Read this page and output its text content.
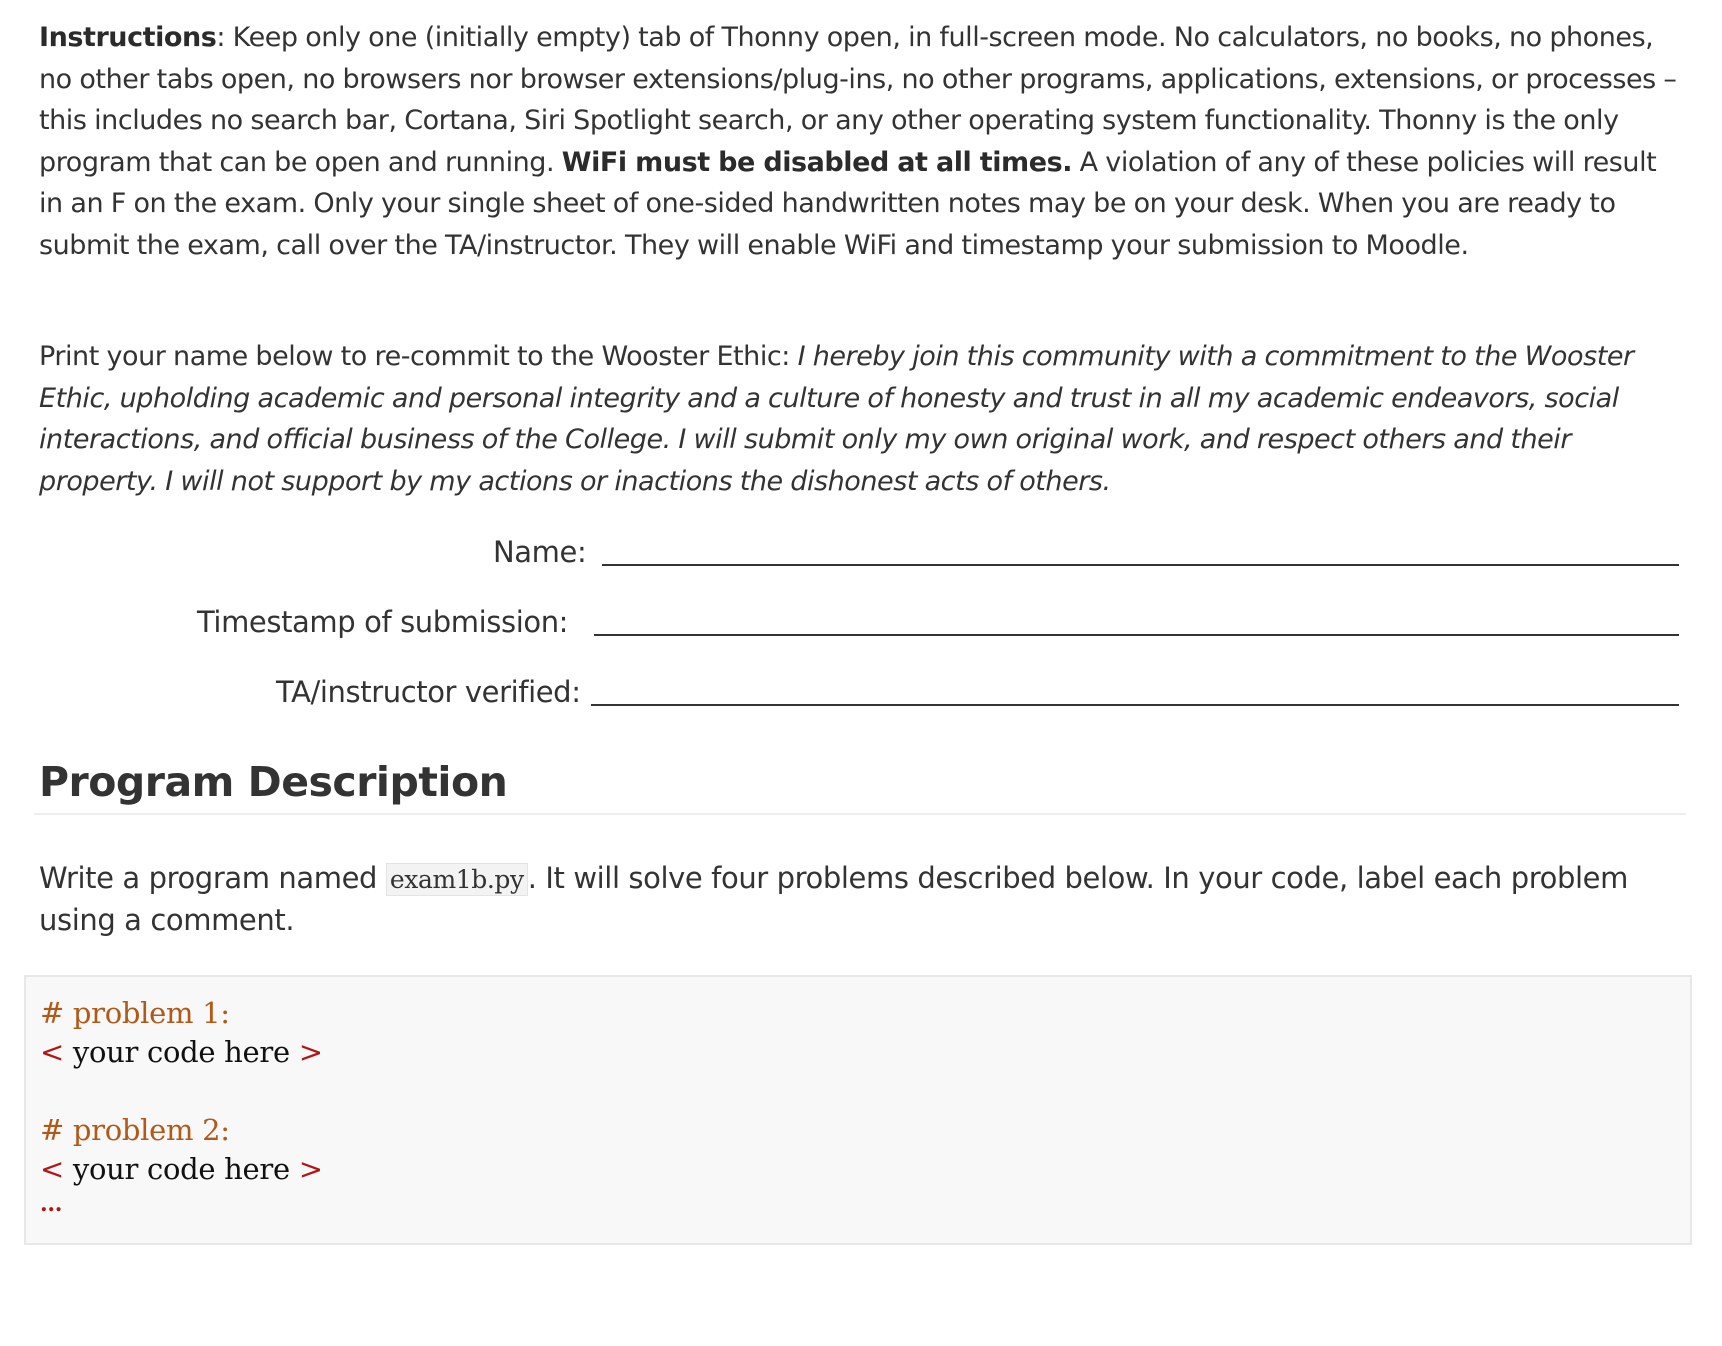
Instructions: Keep only one (initially empty) tab of Thonny open, in full-screen mode. No calculators, no books, no phones, no other tabs open, no browsers nor browser extensions/plug-ins, no other programs, applications, extensions, or processes – this includes no search bar, Cortana, Siri Spotlight search, or any other operating system functionality. Thonny is the only program that can be open and running. WiFi must be disabled at all times. A violation of any of these policies will result in an F on the exam. Only your single sheet of one-sided handwritten notes may be on your desk. When you are ready to submit the exam, call over the TA/instructor. They will enable WiFi and timestamp your submission to Moodle.

Print your name below to re-commit to the Wooster Ethic: I hereby join this community with a commitment to the Wooster Ethic, upholding academic and personal integrity and a culture of honesty and trust in all my academic endeavors, social interactions, and official business of the College. I will submit only my own original work, and respect others and their property. I will not support by my actions or inactions the dishonest acts of others.

Name:
Timestamp of submission:
TA/instructor verified:
Program Description

Write a program named exam1b.py . It will solve four problems described below. In your code, label each problem using a comment.

# problem 1:
< your code here >
# problem 2:
< your code here >
...
